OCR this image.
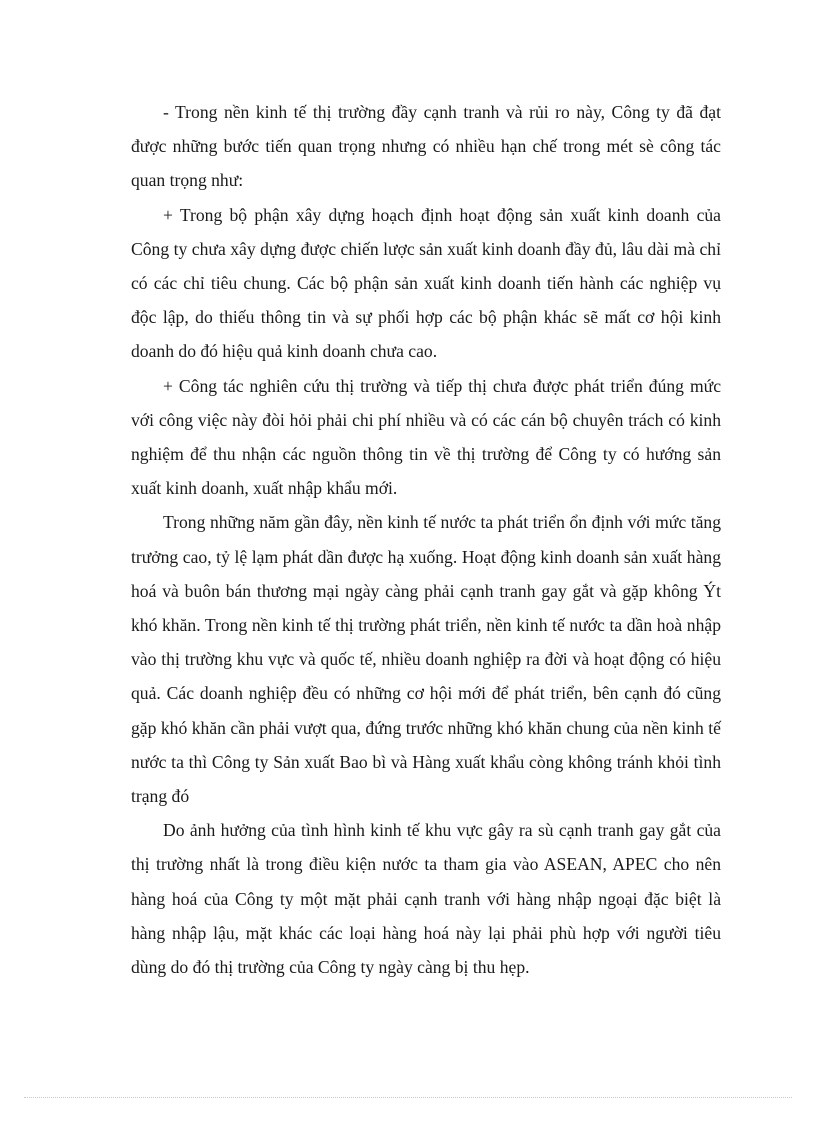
- Trong nền kinh tế thị trường đầy cạnh tranh và rủi ro này, Công ty đã đạt được những bước tiến quan trọng nhưng có nhiều hạn chế trong mét sè công tác quan trọng như:

+ Trong bộ phận xây dựng hoạch định hoạt động sản xuất kinh doanh của Công ty chưa xây dựng được chiến lược sản xuất kinh doanh đầy đủ, lâu dài mà chỉ có các chỉ tiêu chung. Các bộ phận sản xuất kinh doanh tiến hành các nghiệp vụ độc lập, do thiếu thông tin và sự phối hợp các bộ phận khác sẽ mất cơ hội kinh doanh do đó hiệu quả kinh doanh chưa cao.

+ Công tác nghiên cứu thị trường và tiếp thị chưa được phát triển đúng mức với công việc này đòi hỏi phải chi phí nhiều và có các cán bộ chuyên trách có kinh nghiệm để thu nhận các nguồn thông tin về thị trường để Công ty có hướng sản xuất kinh doanh, xuất nhập khẩu mới.

Trong những năm gần đây, nền kinh tế nước ta phát triển ổn định với mức tăng trưởng cao, tỷ lệ lạm phát dần được hạ xuống. Hoạt động kinh doanh sản xuất hàng hoá và buôn bán thương mại ngày càng phải cạnh tranh gay gắt và gặp không Ýt khó khăn. Trong nền kinh tế thị trường phát triển, nền kinh tế nước ta dần hoà nhập vào thị trường khu vực và quốc tế, nhiều doanh nghiệp ra đời và hoạt động có hiệu quả. Các doanh nghiệp đều có những cơ hội mới để phát triển, bên cạnh đó cũng gặp khó khăn cần phải vượt qua, đứng trước những khó khăn chung của nền kinh tế nước ta thì Công ty Sản xuất Bao bì và Hàng xuất khẩu còng không tránh khỏi tình trạng đó

Do ảnh hưởng của tình hình kinh tế khu vực gây ra sù cạnh tranh gay gắt của thị trường nhất là trong điều kiện nước ta tham gia vào ASEAN, APEC cho nên hàng hoá của Công ty một mặt phải cạnh tranh với hàng nhập ngoại đặc biệt là hàng nhập lậu, mặt khác các loại hàng hoá này lại phải phù hợp với người tiêu dùng do đó thị trường của Công ty ngày càng bị thu hẹp.
